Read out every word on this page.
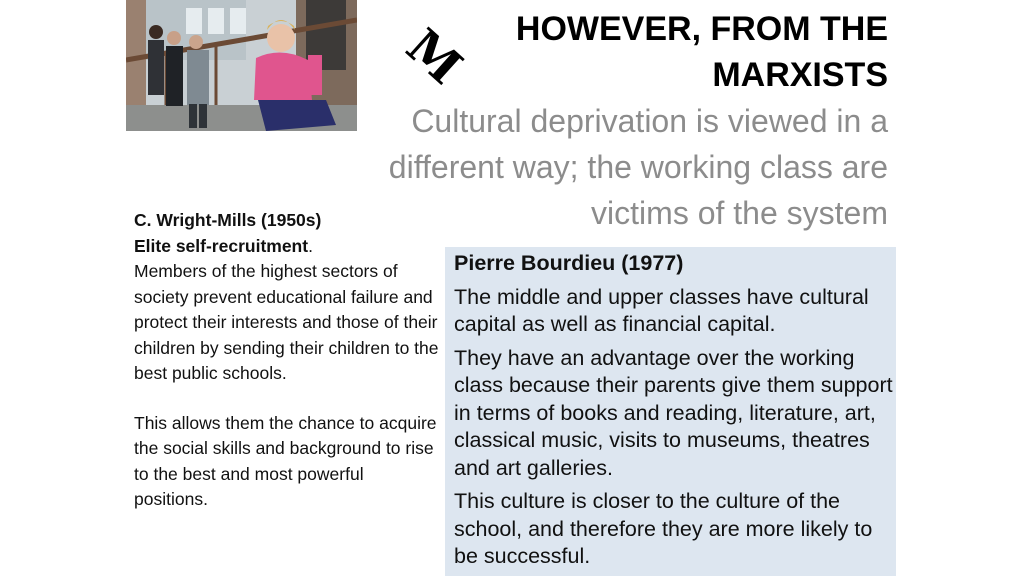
M	HOWEVER, FROM THE
MARXISTS
Cultural deprivation is viewed in a
different way; the working class are
victims of the system

C. Wright-Mills (1950s)

Elite self-recruitment.

Members of the highest sectors of society prevent educational failure and protect their interests and those of their children by sending their children to the best public schools.

This allows them the chance to acquire the social skills and background to rise to the best and most powerful positions.

Pierre Bourdieu (1977)

The middle and upper classes have cultural capital as well as financial capital.

They have an advantage over the working class because their parents give them support in terms of books and reading, literature, art, classical music, visits to museums, theatres and art galleries.

This culture is closer to the culture of the school, and therefore they are more likely to be successful.
